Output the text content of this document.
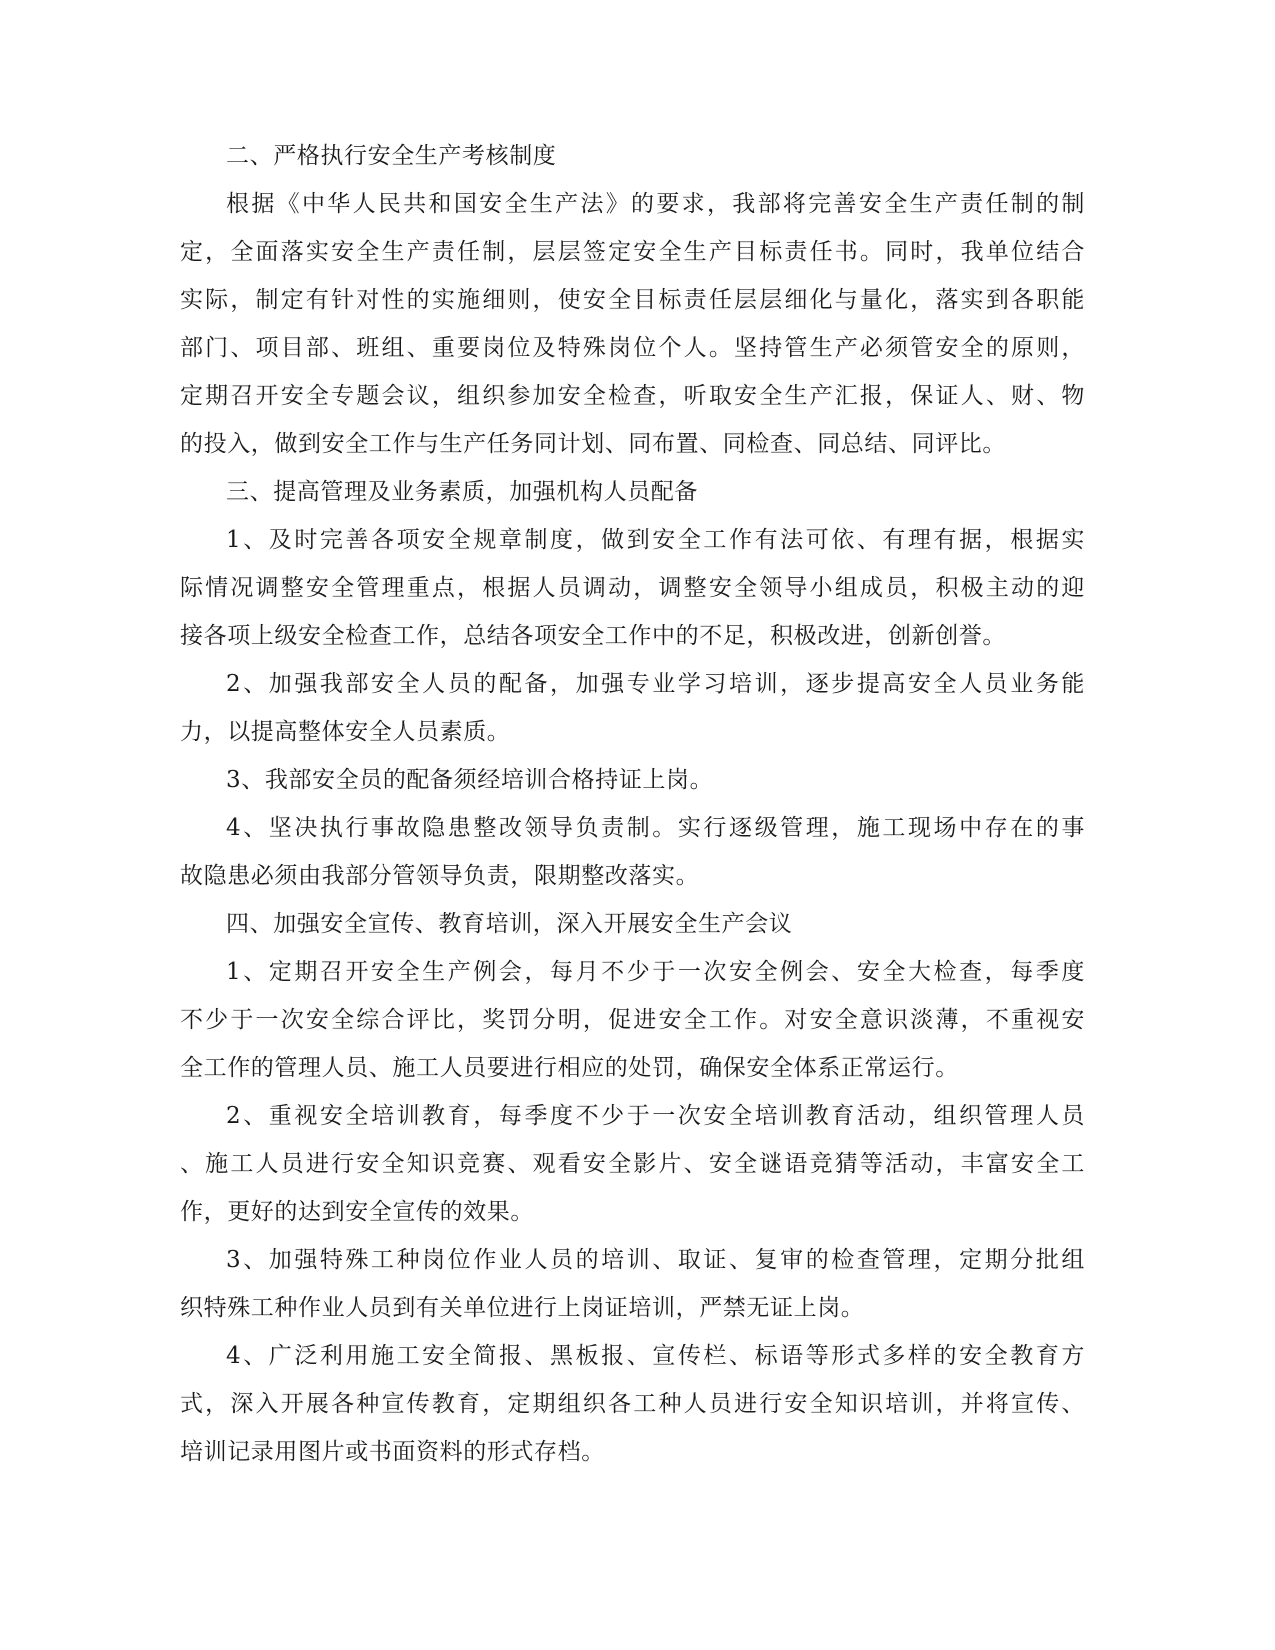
二、严格执行安全生产考核制度

根据《中华人民共和国安全生产法》的要求，我部将完善安全生产责任制的制
定，全面落实安全生产责任制，层层签定安全生产目标责任书。同时，我单位结合
实际，制定有针对性的实施细则，使安全目标责任层层细化与量化，落实到各职能
部门、项目部、班组、重要岗位及特殊岗位个人。坚持管生产必须管安全的原则，
定期召开安全专题会议，组织参加安全检查，听取安全生产汇报，保证人、财、物
的投入，做到安全工作与生产任务同计划、同布置、同检查、同总结、同评比。

三、提高管理及业务素质，加强机构人员配备

1、及时完善各项安全规章制度，做到安全工作有法可依、有理有据，根据实
际情况调整安全管理重点，根据人员调动，调整安全领导小组成员，积极主动的迎
接各项上级安全检查工作，总结各项安全工作中的不足，积极改进，创新创誉。

2、加强我部安全人员的配备，加强专业学习培训，逐步提高安全人员业务能
力，以提高整体安全人员素质。

3、我部安全员的配备须经培训合格持证上岗。

4、坚决执行事故隐患整改领导负责制。实行逐级管理，施工现场中存在的事
故隐患必须由我部分管领导负责，限期整改落实。

四、加强安全宣传、教育培训，深入开展安全生产会议

1、定期召开安全生产例会，每月不少于一次安全例会、安全大检查，每季度
不少于一次安全综合评比，奖罚分明，促进安全工作。对安全意识淡薄，不重视安
全工作的管理人员、施工人员要进行相应的处罚，确保安全体系正常运行。

2、重视安全培训教育，每季度不少于一次安全培训教育活动，组织管理人员
、施工人员进行安全知识竞赛、观看安全影片、安全谜语竞猜等活动，丰富安全工
作，更好的达到安全宣传的效果。

3、加强特殊工种岗位作业人员的培训、取证、复审的检查管理，定期分批组
织特殊工种作业人员到有关单位进行上岗证培训，严禁无证上岗。

4、广泛利用施工安全简报、黑板报、宣传栏、标语等形式多样的安全教育方
式，深入开展各种宣传教育，定期组织各工种人员进行安全知识培训，并将宣传、
培训记录用图片或书面资料的形式存档。
